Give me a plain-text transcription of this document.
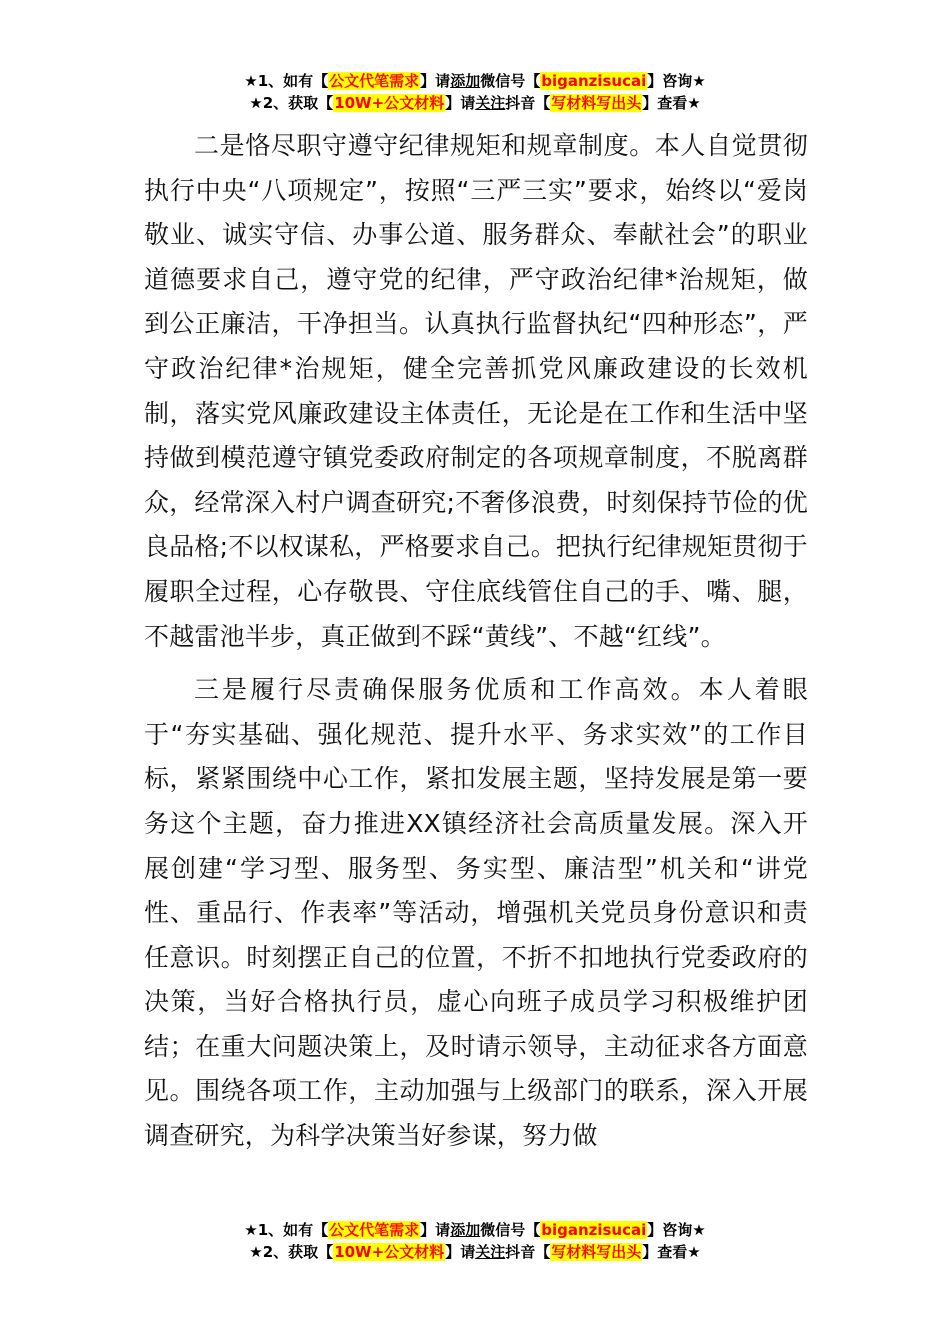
★1、如有【公文代笔需求】请添加微信号【biganzisucai】咨询★
★2、获取【10W+公文材料】请关注抖音【写材料写出头】查看★

二是恪尽职守遵守纪律规矩和规章制度。本人自觉贯彻执行中央“八项规定”，按照“三严三实”要求，始终以“爱岗敬业、诚实守信、办事公道、服务群众、奉献社会”的职业道德要求自己，遵守党的纪律，严守政治纪律*治规矩，做到公正廉洁，干净担当。认真执行监督执纪“四种形态”，严守政治纪律*治规矩，健全完善抓党风廉政建设的长效机制，落实党风廉政建设主体责任，无论是在工作和生活中坚持做到模范遵守镇党委政府制定的各项规章制度，不脱离群众，经常深入村户调查研究;不奢侈浪费，时刻保持节俭的优良品格;不以权谋私，严格要求自己。把执行纪律规矩贯彻于履职全过程，心存敬畏、守住底线管住自己的手、嘴、腿，不越雷池半步，真正做到不踩“黄线”、不越“红线”。

三是履行尽责确保服务优质和工作高效。本人着眼于“夯实基础、强化规范、提升水平、务求实效”的工作目标，紧紧围绕中心工作，紧扣发展主题，坚持发展是第一要务这个主题，奋力推进XX镇经济社会高质量发展。深入开展创建“学习型、服务型、务实型、廉洁型”机关和“讲党性、重品行、作表率”等活动，增强机关党员身份意识和责任意识。时刻摆正自己的位置，不折不扣地执行党委政府的决策，当好合格执行员，虚心向班子成员学习积极维护团结；在重大问题决策上，及时请示领导，主动征求各方面意见。围绕各项工作，主动加强与上级部门的联系，深入开展调查研究，为科学决策当好参谋，努力做

★1、如有【公文代笔需求】请添加微信号【biganzisucai】咨询★
★2、获取【10W+公文材料】请关注抖音【写材料写出头】查看★
